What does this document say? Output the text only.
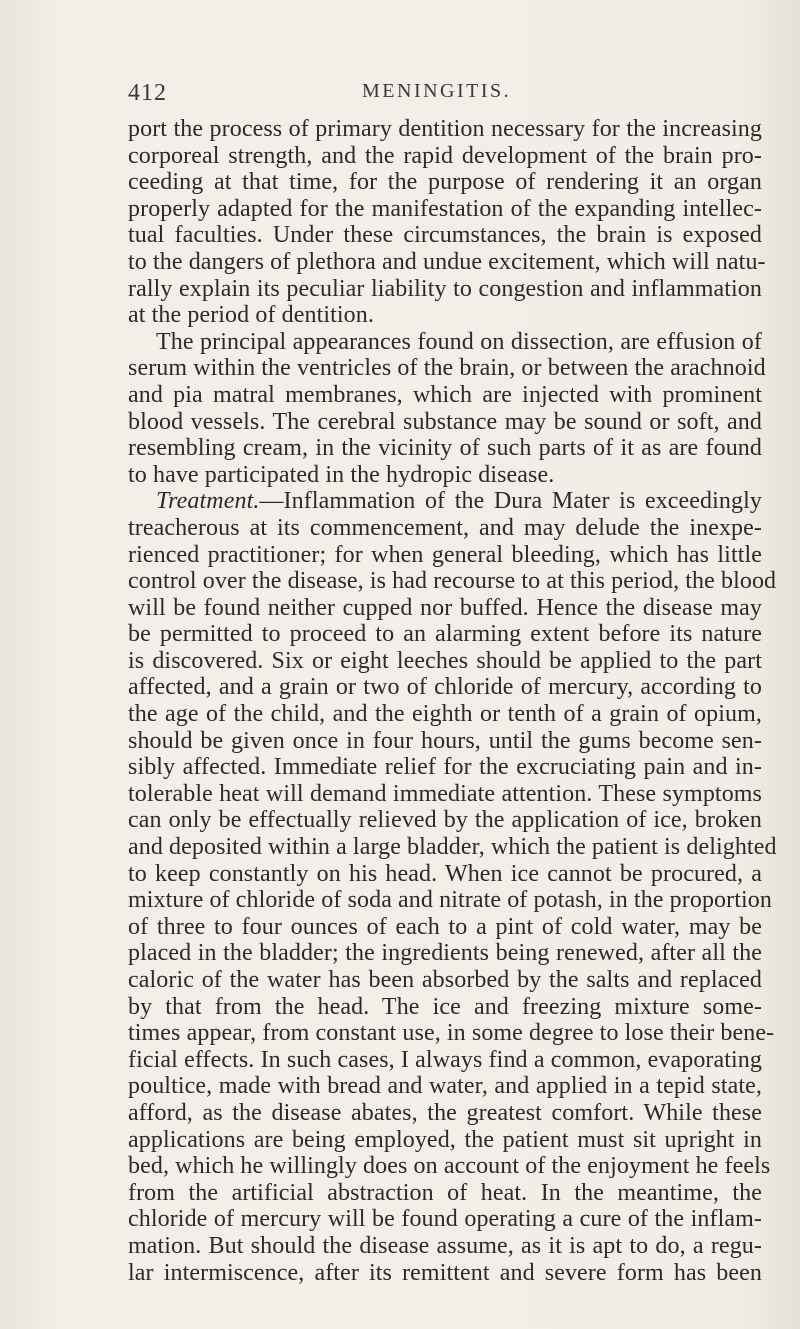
412	MENINGITIS.
port the process of primary dentition necessary for the increasing
corporeal strength, and the rapid development of the brain pro-
ceeding at that time, for the purpose of rendering it an organ
properly adapted for the manifestation of the expanding intellec-
tual faculties. Under these circumstances, the brain is exposed
to the dangers of plethora and undue excitement, which will natu-
rally explain its peculiar liability to congestion and inflammation
at the period of dentition.
The principal appearances found on dissection, are effusion of
serum within the ventricles of the brain, or between the arachnoid
and pia matral membranes, which are injected with prominent
blood vessels. The cerebral substance may be sound or soft, and
resembling cream, in the vicinity of such parts of it as are found
to have participated in the hydropic disease.
Treatment.—Inflammation of the Dura Mater is exceedingly
treacherous at its commencement, and may delude the inexpe-
rienced practitioner; for when general bleeding, which has little
control over the disease, is had recourse to at this period, the blood
will be found neither cupped nor buffed. Hence the disease may
be permitted to proceed to an alarming extent before its nature
is discovered. Six or eight leeches should be applied to the part
affected, and a grain or two of chloride of mercury, according to
the age of the child, and the eighth or tenth of a grain of opium,
should be given once in four hours, until the gums become sen-
sibly affected. Immediate relief for the excruciating pain and in-
tolerable heat will demand immediate attention. These symptoms
can only be effectually relieved by the application of ice, broken
and deposited within a large bladder, which the patient is delighted
to keep constantly on his head. When ice cannot be procured, a
mixture of chloride of soda and nitrate of potash, in the proportion
of three to four ounces of each to a pint of cold water, may be
placed in the bladder; the ingredients being renewed, after all the
caloric of the water has been absorbed by the salts and replaced
by that from the head. The ice and freezing mixture some-
times appear, from constant use, in some degree to lose their bene-
ficial effects. In such cases, I always find a common, evaporating
poultice, made with bread and water, and applied in a tepid state,
afford, as the disease abates, the greatest comfort. While these
applications are being employed, the patient must sit upright in
bed, which he willingly does on account of the enjoyment he feels
from the artificial abstraction of heat. In the meantime, the
chloride of mercury will be found operating a cure of the inflam-
mation. But should the disease assume, as it is apt to do, a regu-
lar intermiscence, after its remittent and severe form has been
